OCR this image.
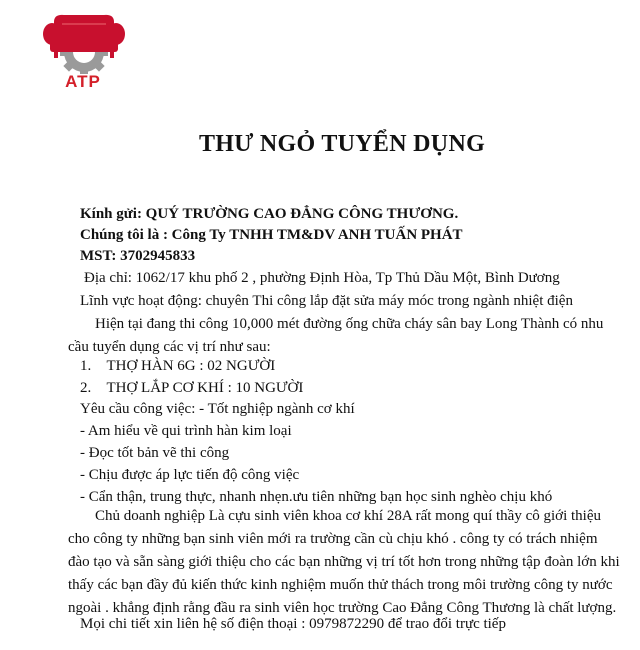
ATP
THƯ NGỎ TUYỂN DỤNG
Kính gửi: QUÝ TRƯỜNG CAO ĐẲNG CÔNG THƯƠNG.
Chúng tôi là : Công Ty TNHH TM&DV ANH TUẤN PHÁT
MST: 3702945833
Địa chỉ: 1062/17 khu phố 2 , phường Định Hòa, Tp Thủ Dầu Một, Bình Dương
Lĩnh vực hoạt động: chuyên Thi công lắp đặt sửa máy móc trong ngành nhiệt điện
Hiện tại đang thi công 10,000 mét đường ống chữa cháy sân bay Long Thành có nhu cầu tuyển dụng các vị trí như sau:
1. THỢ HÀN 6G : 02 NGƯỜI
2. THỢ LẮP CƠ KHÍ : 10 NGƯỜI
Yêu cầu công việc: - Tốt nghiệp ngành cơ khí
- Am hiểu về qui trình hàn kim loại
- Đọc tốt bản vẽ thi công
- Chịu được áp lực tiến độ công việc
- Cẩn thận, trung thực, nhanh nhẹn.ưu tiên những bạn học sinh nghèo chịu khó
Chủ doanh nghiệp Là cựu sinh viên khoa cơ khí 28A rất mong quí thầy cô giới thiệu cho công ty những bạn sinh viên mới ra trường cần cù chịu khó . công ty có trách nhiệm đào tạo và sẵn sàng giới thiệu cho các bạn những vị trí tốt hơn trong những tập đoàn lớn khi thấy các bạn đầy đủ kiến thức kinh nghiệm muốn thử thách trong môi trường công ty nước ngoài . khẳng định rằng đầu ra sinh viên học trường Cao Đẳng Công Thương là chất lượng.
Mọi chi tiết xin liên hệ số điện thoại : 0979872290 để trao đổi trực tiếp
